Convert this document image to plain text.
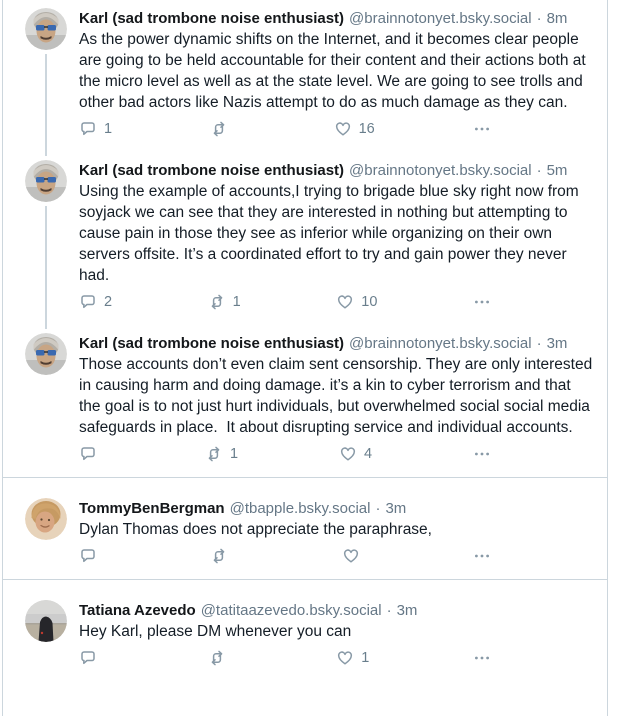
Karl (sad trombone noise enthusiast) @brainnotonyet.bsky.social · 8m

As the power dynamic shifts on the Internet, and it becomes clear people are going to be held accountable for their content and their actions both at the micro level as well as at the state level. We are going to see trolls and other bad actors like Nazis attempt to do as much damage as they can.

1	16
Karl (sad trombone noise enthusiast) @brainnotonyet.bsky.social · 5m

Using the example of accounts,I trying to brigade blue sky right now from  soyjack we can see that they are interested in nothing but attempting to cause pain in those they see as inferior while organizing on their own servers offsite. It’s a coordinated effort to try and gain power they never had.

2	1	10
Karl (sad trombone noise enthusiast) @brainnotonyet.bsky.social · 3m

Those accounts don’t even claim sent censorship. They are only interested in causing harm and doing damage. it’s a kin to cyber terrorism and that the goal is to not just hurt individuals, but overwhelmed social social media safeguards in place.  It about disrupting service and individual accounts.

1	4
TommyBenBergman @tbapple.bsky.social · 3m

Dylan Thomas does not appreciate the paraphrase,

Tatiana Azevedo @tatitaazevedo.bsky.social · 3m

Hey Karl, please DM whenever you can

1
